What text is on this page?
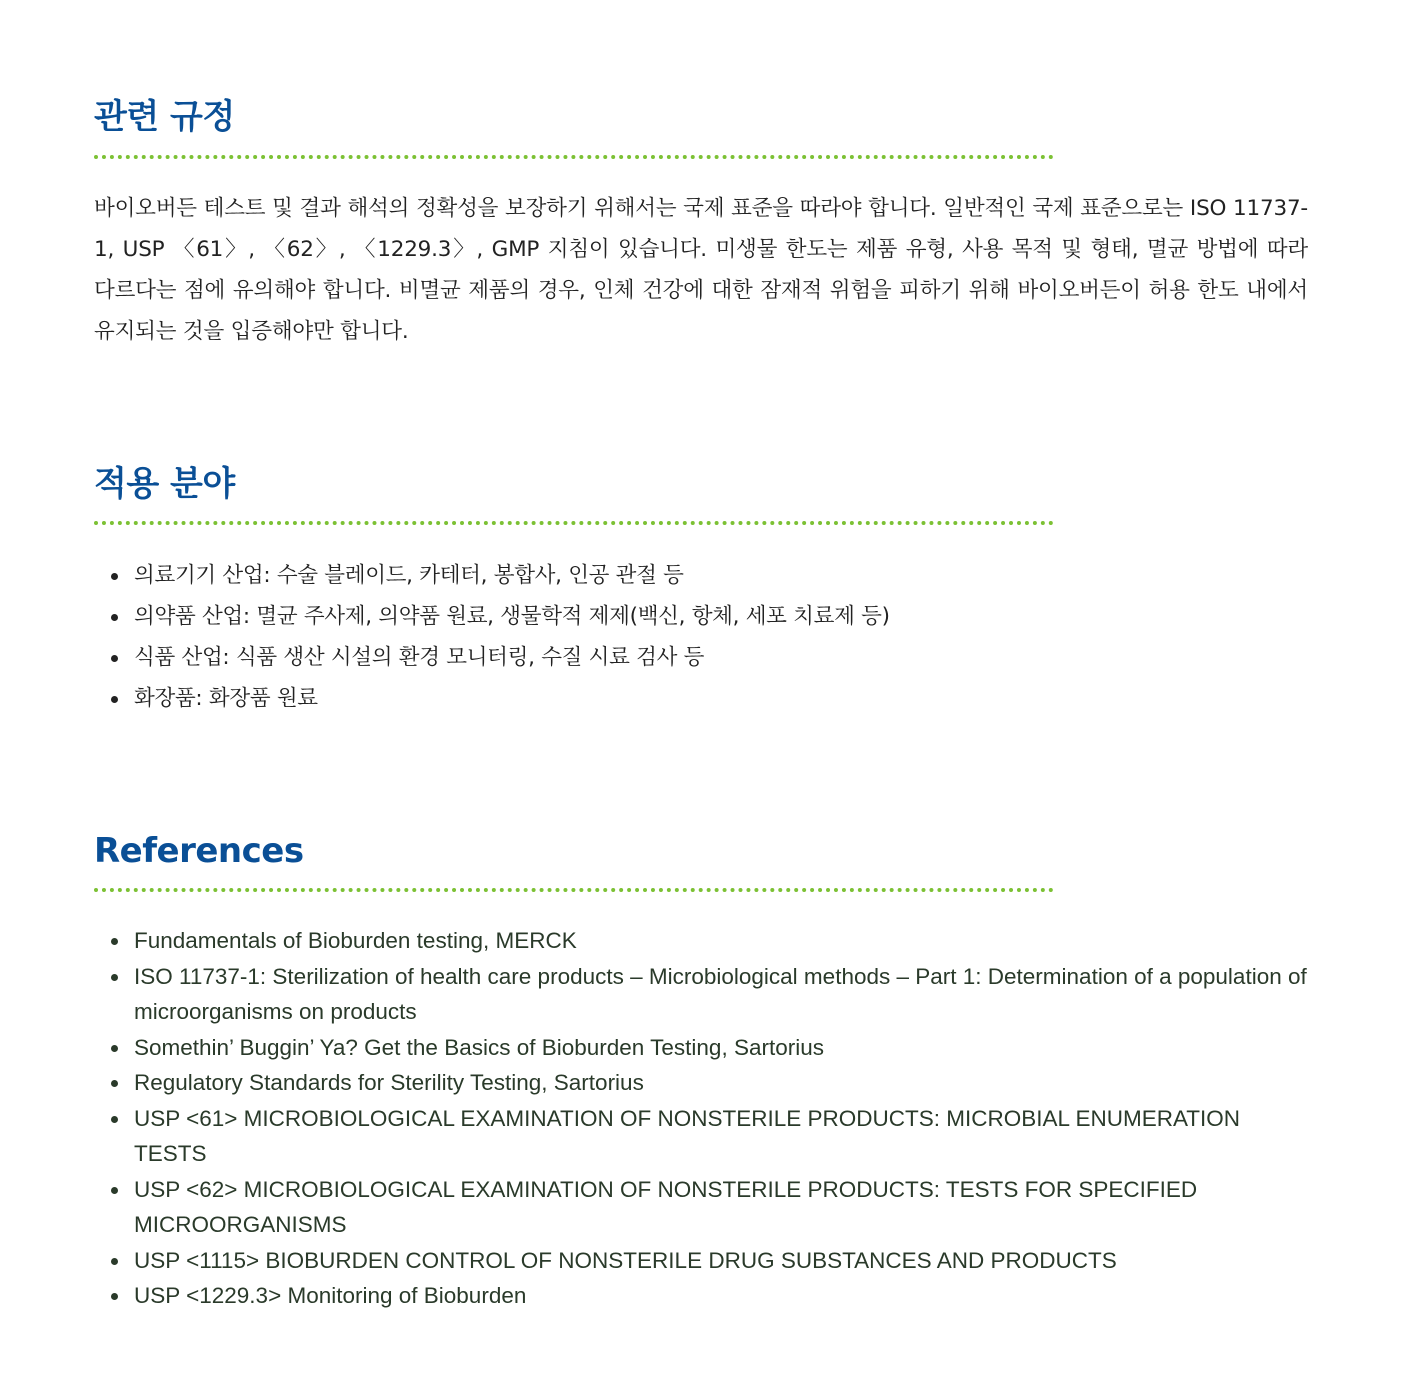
관련 규정

바이오버든 테스트 및 결과 해석의 정확성을 보장하기 위해서는 국제 표준을 따라야 합니다. 일반적인 국제 표준으로는 ISO 11737-1, USP 〈61〉, 〈62〉, 〈1229.3〉, GMP 지침이 있습니다. 미생물 한도는 제품 유형, 사용 목적 및 형태, 멸균 방법에 따라 다르다는 점에 유의해야 합니다. 비멸균 제품의 경우, 인체 건강에 대한 잠재적 위험을 피하기 위해 바이오버든이 허용 한도 내에서 유지되는 것을 입증해야만 합니다.

적용 분야
의료기기 산업: 수술 블레이드, 카테터, 봉합사, 인공 관절 등
의약품 산업: 멸균 주사제, 의약품 원료, 생물학적 제제(백신, 항체, 세포 치료제 등)
식품 산업: 식품 생산 시설의 환경 모니터링, 수질 시료 검사 등
화장품: 화장품 원료
References
Fundamentals of Bioburden testing, MERCK
ISO 11737-1: Sterilization of health care products – Microbiological methods – Part 1: Determination of a population of microorganisms on products
Somethin’ Buggin’ Ya? Get the Basics of Bioburden Testing, Sartorius
Regulatory Standards for Sterility Testing, Sartorius
USP <61> MICROBIOLOGICAL EXAMINATION OF NONSTERILE PRODUCTS: MICROBIAL ENUMERATION TESTS
USP <62> MICROBIOLOGICAL EXAMINATION OF NONSTERILE PRODUCTS: TESTS FOR SPECIFIED MICROORGANISMS
USP <1115> BIOBURDEN CONTROL OF NONSTERILE DRUG SUBSTANCES AND PRODUCTS
USP <1229.3> Monitoring of Bioburden
